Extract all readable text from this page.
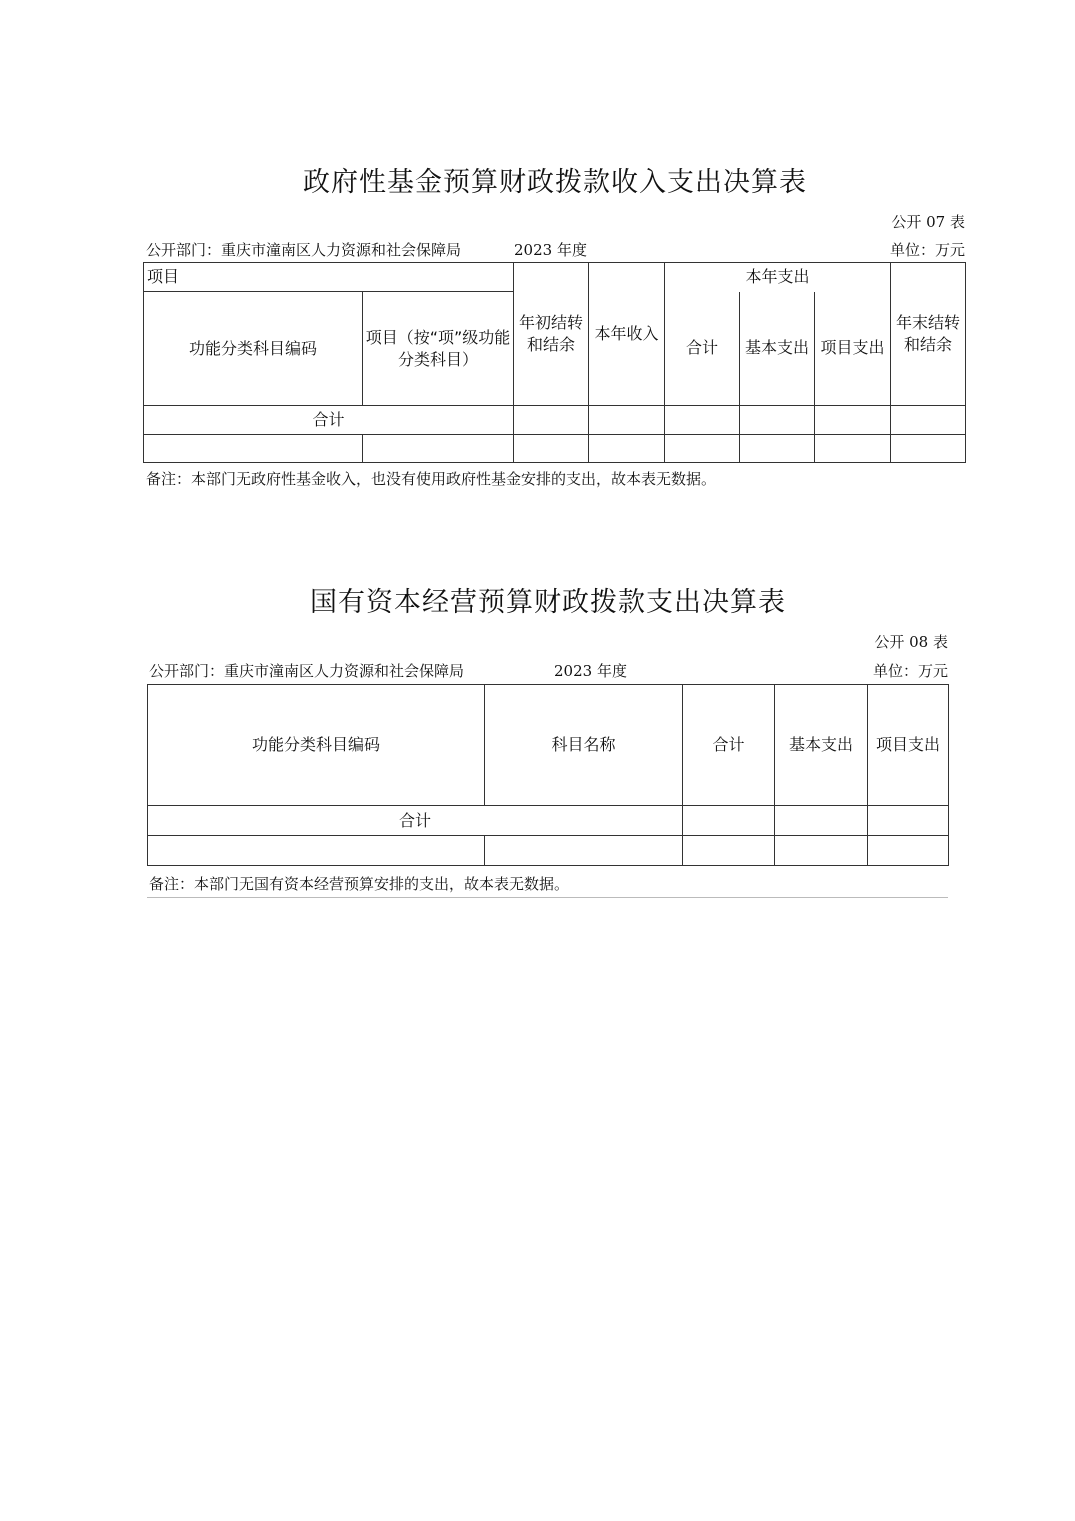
政府性基金预算财政拨款收入支出决算表
公开 07 表
公开部门：重庆市潼南区人力资源和社会保障局	2023 年度	单位：万元
项目		年初结转和结余	本年收入	本年支出			年末结转和结余
功能分类科目编码	项目（按“项”级功能分类科目）			合计	基本支出	项目支出	
合计							

备注：本部门无政府性基金收入，也没有使用政府性基金安排的支出，故本表无数据。
国有资本经营预算财政拨款支出决算表
公开 08 表
公开部门：重庆市潼南区人力资源和社会保障局	2023 年度	单位：万元
功能分类科目编码	科目名称	合计	基本支出	项目支出
合计				

备注：本部门无国有资本经营预算安排的支出，故本表无数据。
